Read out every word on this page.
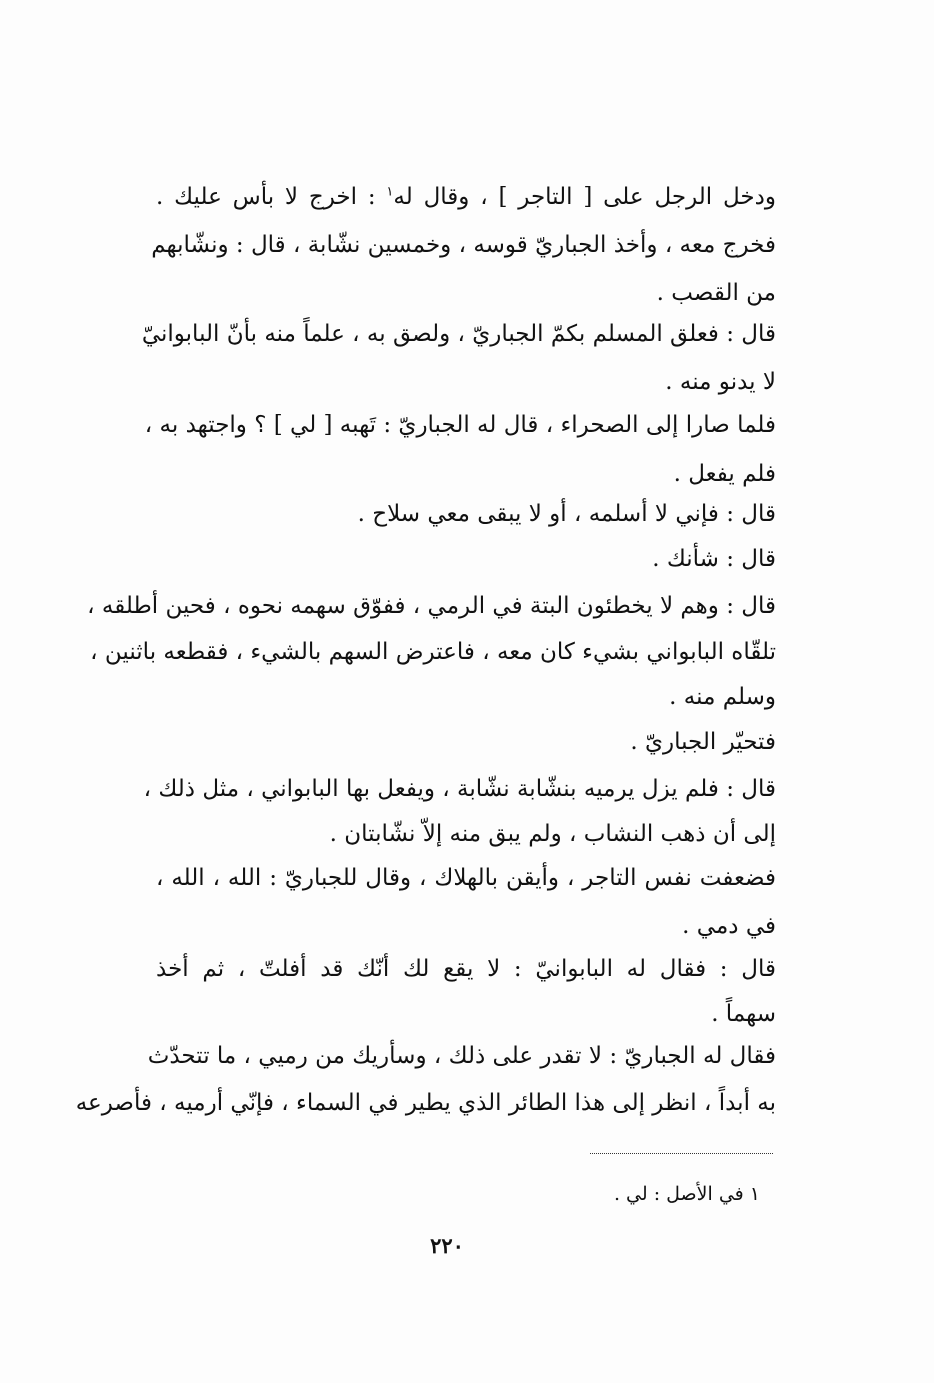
ودخل الرجل على [ التاجر ] ، وقال له$^١$ : اخرج لا بأس عليك .
فخرج معه ، وأخذ الجباريّ قوسه ، وخمسين نشّابة ، قال : ونشّابهم
من القصب .
قال : فعلق المسلم بكمّ الجباريّ ، ولصق به ، علماً منه بأنّ البابوانيّ
لا يدنو منه .
فلما صارا إلى الصحراء ، قال له الجباريّ : تَهبه [ لي ] ؟ واجتهد به ،
فلم يفعل .
قال : فإني لا أسلمه ، أو لا يبقى معي سلاح .
قال : شأنك .
قال : وهم لا يخطئون البتة في الرمي ، ففوّق سهمه نحوه ، فحين أطلقه ،
تلقّاه البابواني بشيء كان معه ، فاعترض السهم بالشيء ، فقطعه باثنين ،
وسلم منه .
فتحيّر الجباريّ .
قال : فلم يزل يرميه بنشّابة نشّابة ، ويفعل بها البابواني ، مثل ذلك ،
إلى أن ذهب النشاب ، ولم يبق منه إلاّ نشّابتان .
فضعفت نفس التاجر ، وأيقن بالهلاك ، وقال للجباريّ : الله ، الله ،
في دمي .
قال : فقال له البابوانيّ : لا يقع لك أنّك قد أفلتّ ، ثم أخذ
سهماً .
فقال له الجباريّ : لا تقدر على ذلك ، وسأريك من رميي ، ما تتحدّث
به أبداً ، انظر إلى هذا الطائر الذي يطير في السماء ، فإنّي أرميه ، فأصرعه
١ في الأصل : لي .
٢٢٠
